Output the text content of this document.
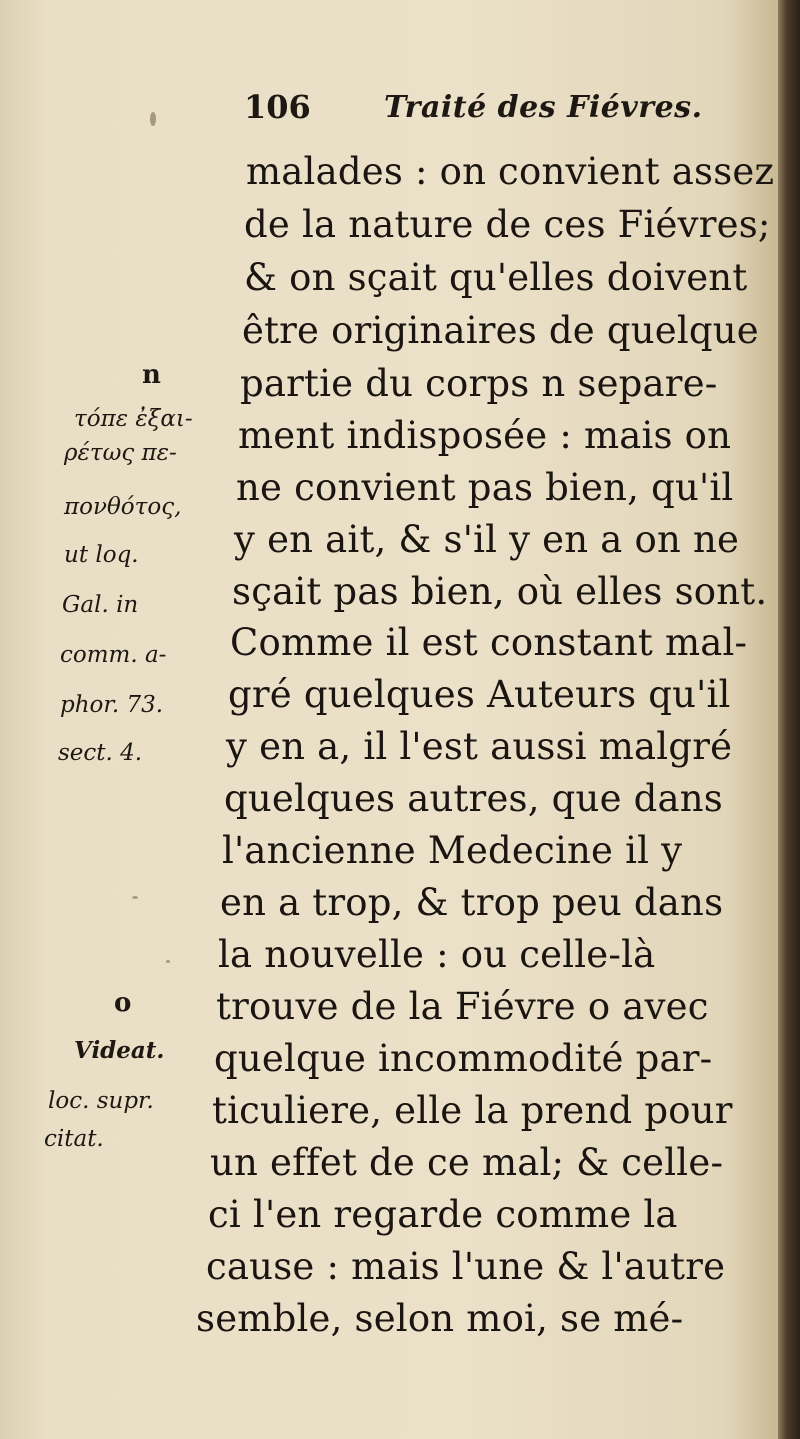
106 Traité des Fiévres.
malades : on convient assez
de la nature de ces Fiévres;
& on sçait qu'elles doivent
être originaires de quelque
partie du corps n separe-
ment indisposée : mais on
ne convient pas bien, qu'il
y en ait, & s'il y en a on ne
sçait pas bien, où elles sont.
Comme il est constant mal-
gré quelques Auteurs qu'il
y en a, il l'est aussi malgré
quelques autres, que dans
l'ancienne Medecine il y
en a trop, & trop peu dans
la nouvelle : ou celle-là
trouve de la Fiévre o avec
quelque incommodité par-
ticuliere, elle la prend pour
un effet de ce mal; & celle-
ci l'en regarde comme la
cause : mais l'une & l'autre
semble, selon moi, se mé-
n
τόπε ἐξαι-
ρέτως πε-
πονθότος,
ut loq.
Gal. in
comm. a-
phor. 73.
sect. 4.
o
Videat.
loc. supr.
citat.
